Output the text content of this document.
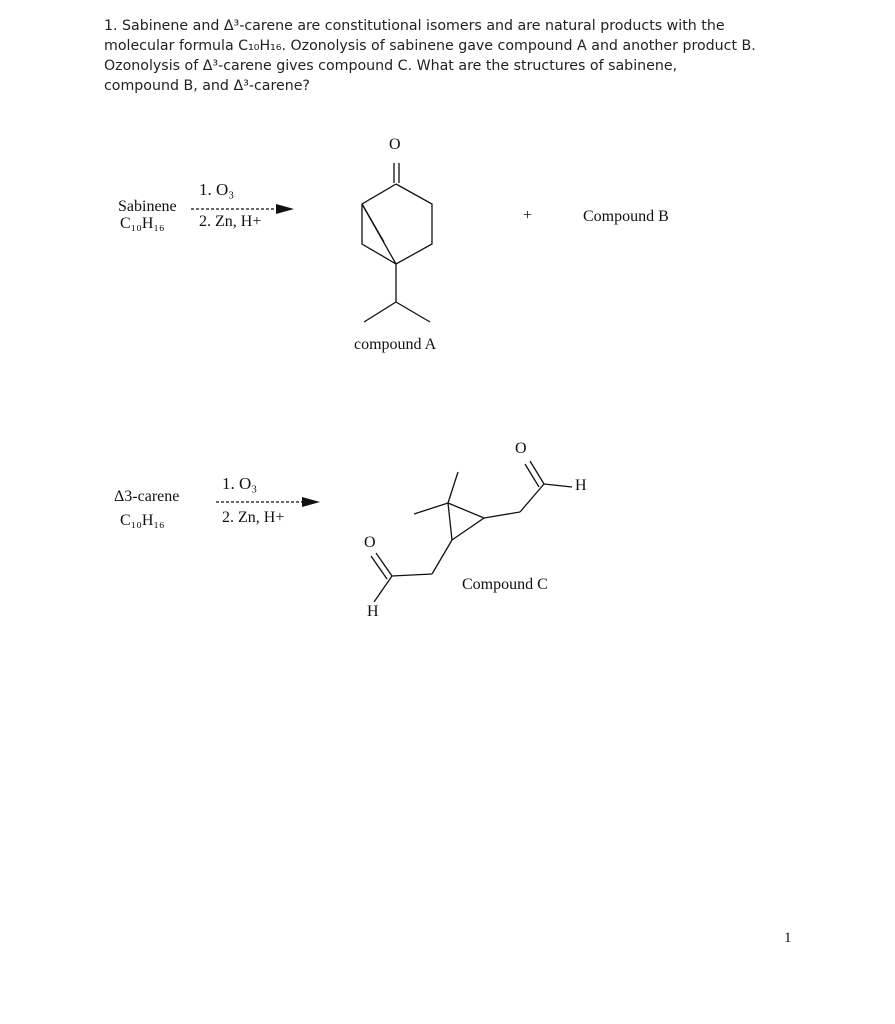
1. Sabinene and Δ³-carene are constitutional isomers and are natural products with the
molecular formula C₁₀H₁₆. Ozonolysis of sabinene gave compound A and another product B.
Ozonolysis of Δ³-carene gives compound C. What are the structures of sabinene,
compound B, and Δ³-carene?
1. O₃
Sabinene
2. Zn, H+
C₁₀H₁₆
O
+	Compound B
compound A
1. O₃
Δ3-carene
2. Zn, H+
C₁₀H₁₆
O
H
O
H
Compound C
1
